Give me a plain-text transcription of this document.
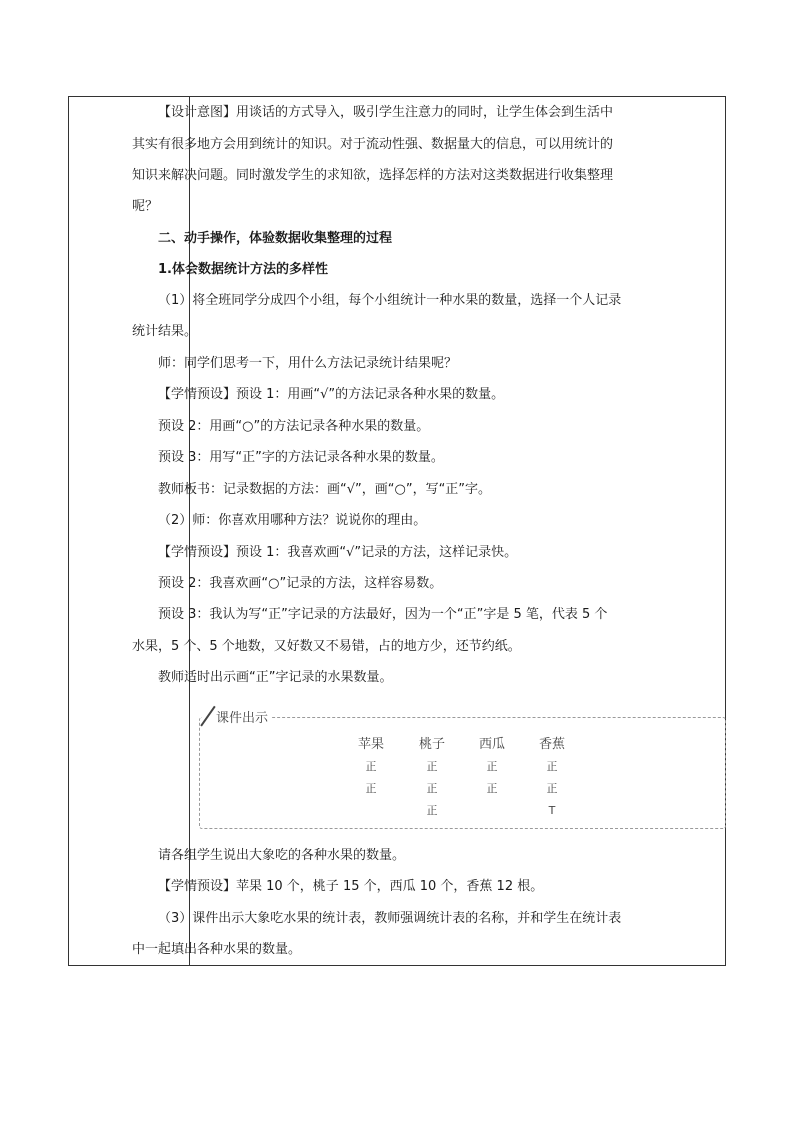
【设计意图】用谈话的方式导入，吸引学生注意力的同时，让学生体会到生活中
其实有很多地方会用到统计的知识。对于流动性强、数据量大的信息，可以用统计的
知识来解决问题。同时激发学生的求知欲，选择怎样的方法对这类数据进行收集整理
呢？
二、动手操作，体验数据收集整理的过程
1.体会数据统计方法的多样性
（1）将全班同学分成四个小组，每个小组统计一种水果的数量，选择一个人记录
统计结果。
师：同学们思考一下，用什么方法记录统计结果呢？
【学情预设】预设 1：用画“√”的方法记录各种水果的数量。
预设 2：用画“○”的方法记录各种水果的数量。
预设 3：用写“正”字的方法记录各种水果的数量。
教师板书：记录数据的方法：画“√”，画“○”，写“正”字。
（2）师：你喜欢用哪种方法？说说你的理由。
【学情预设】预设 1：我喜欢画“√”记录的方法，这样记录快。
预设 2：我喜欢画“○”记录的方法，这样容易数。
预设 3：我认为写“正”字记录的方法最好，因为一个“正”字是 5 笔，代表 5 个
水果，5 个、5 个地数，又好数又不易错，占的地方少，还节约纸。
教师适时出示画“正”字记录的水果数量。
请各组学生说出大象吃的各种水果的数量。
【学情预设】苹果 10 个，桃子 15 个，西瓜 10 个，香蕉 12 根。
（3）课件出示大象吃水果的统计表，教师强调统计表的名称，并和学生在统计表
中一起填出各种水果的数量。
课件出示
苹果
正
正
桃子
正
正
正
西瓜
正
正
香蕉
正
正
T
